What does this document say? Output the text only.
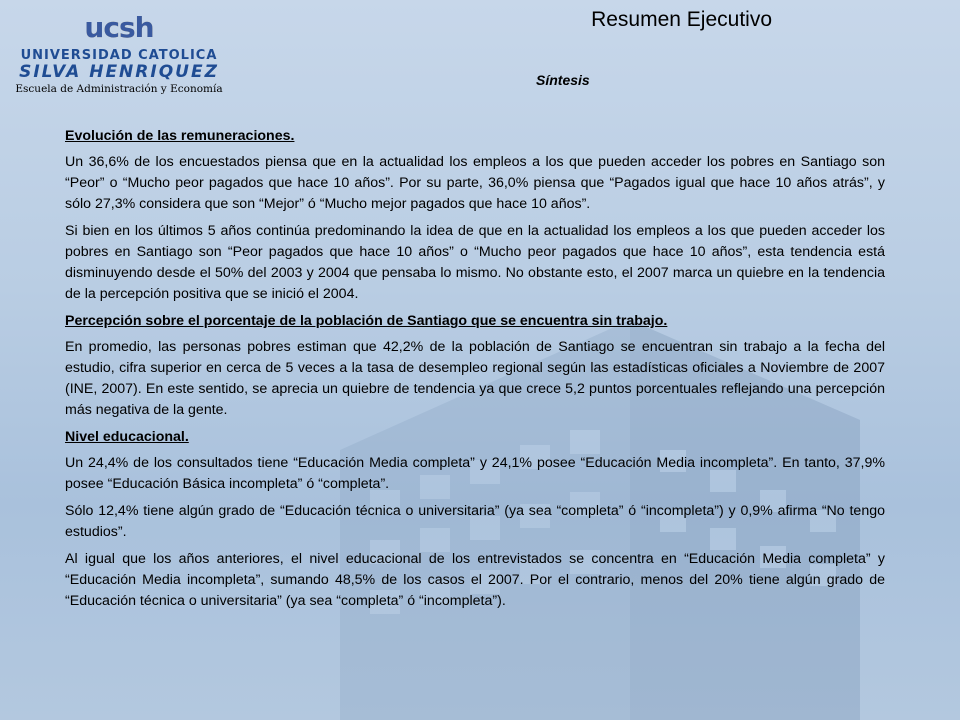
ucsh
UNIVERSIDAD CATOLICA
SILVA HENRIQUEZ
Escuela de Administración y Economía
Resumen Ejecutivo
Síntesis
Evolución de las remuneraciones.

Un 36,6% de los encuestados piensa que en la actualidad los empleos a los que pueden acceder los pobres en Santiago son “Peor” o “Mucho peor pagados que hace 10 años”. Por su parte, 36,0% piensa que “Pagados igual que hace 10 años atrás”, y sólo 27,3% considera que son “Mejor” ó “Mucho mejor pagados que hace 10 años”.

Si bien en los últimos 5 años continúa predominando la idea de que en la actualidad los empleos a los que pueden acceder los pobres en Santiago son “Peor pagados que hace 10 años” o “Mucho peor pagados que hace 10 años”, esta tendencia está disminuyendo desde el 50% del 2003 y 2004 que pensaba lo mismo. No obstante esto, el 2007 marca un quiebre en la tendencia de la percepción positiva que se inició el 2004.

Percepción sobre el porcentaje de la población de Santiago que se encuentra sin trabajo.

En promedio, las personas pobres estiman que 42,2% de la población de Santiago se encuentran sin trabajo a la fecha del estudio, cifra superior en cerca de 5 veces a la tasa de desempleo regional según las estadísticas oficiales a Noviembre de 2007 (INE, 2007). En este sentido, se aprecia un quiebre de tendencia ya que crece 5,2 puntos porcentuales reflejando una percepción más negativa de la gente.

Nivel educacional.

Un 24,4% de los consultados tiene “Educación Media completa” y 24,1% posee “Educación Media incompleta”. En tanto, 37,9% posee “Educación Básica incompleta” ó “completa”.

Sólo 12,4% tiene algún grado de “Educación técnica o universitaria” (ya sea “completa” ó “incompleta”) y 0,9% afirma “No tengo estudios”.

Al igual que los años anteriores, el nivel educacional de los entrevistados se concentra en “Educación Media completa” y “Educación Media incompleta”, sumando 48,5% de los casos el 2007. Por el contrario, menos del 20% tiene algún grado de “Educación técnica o universitaria” (ya sea “completa” ó “incompleta”).
